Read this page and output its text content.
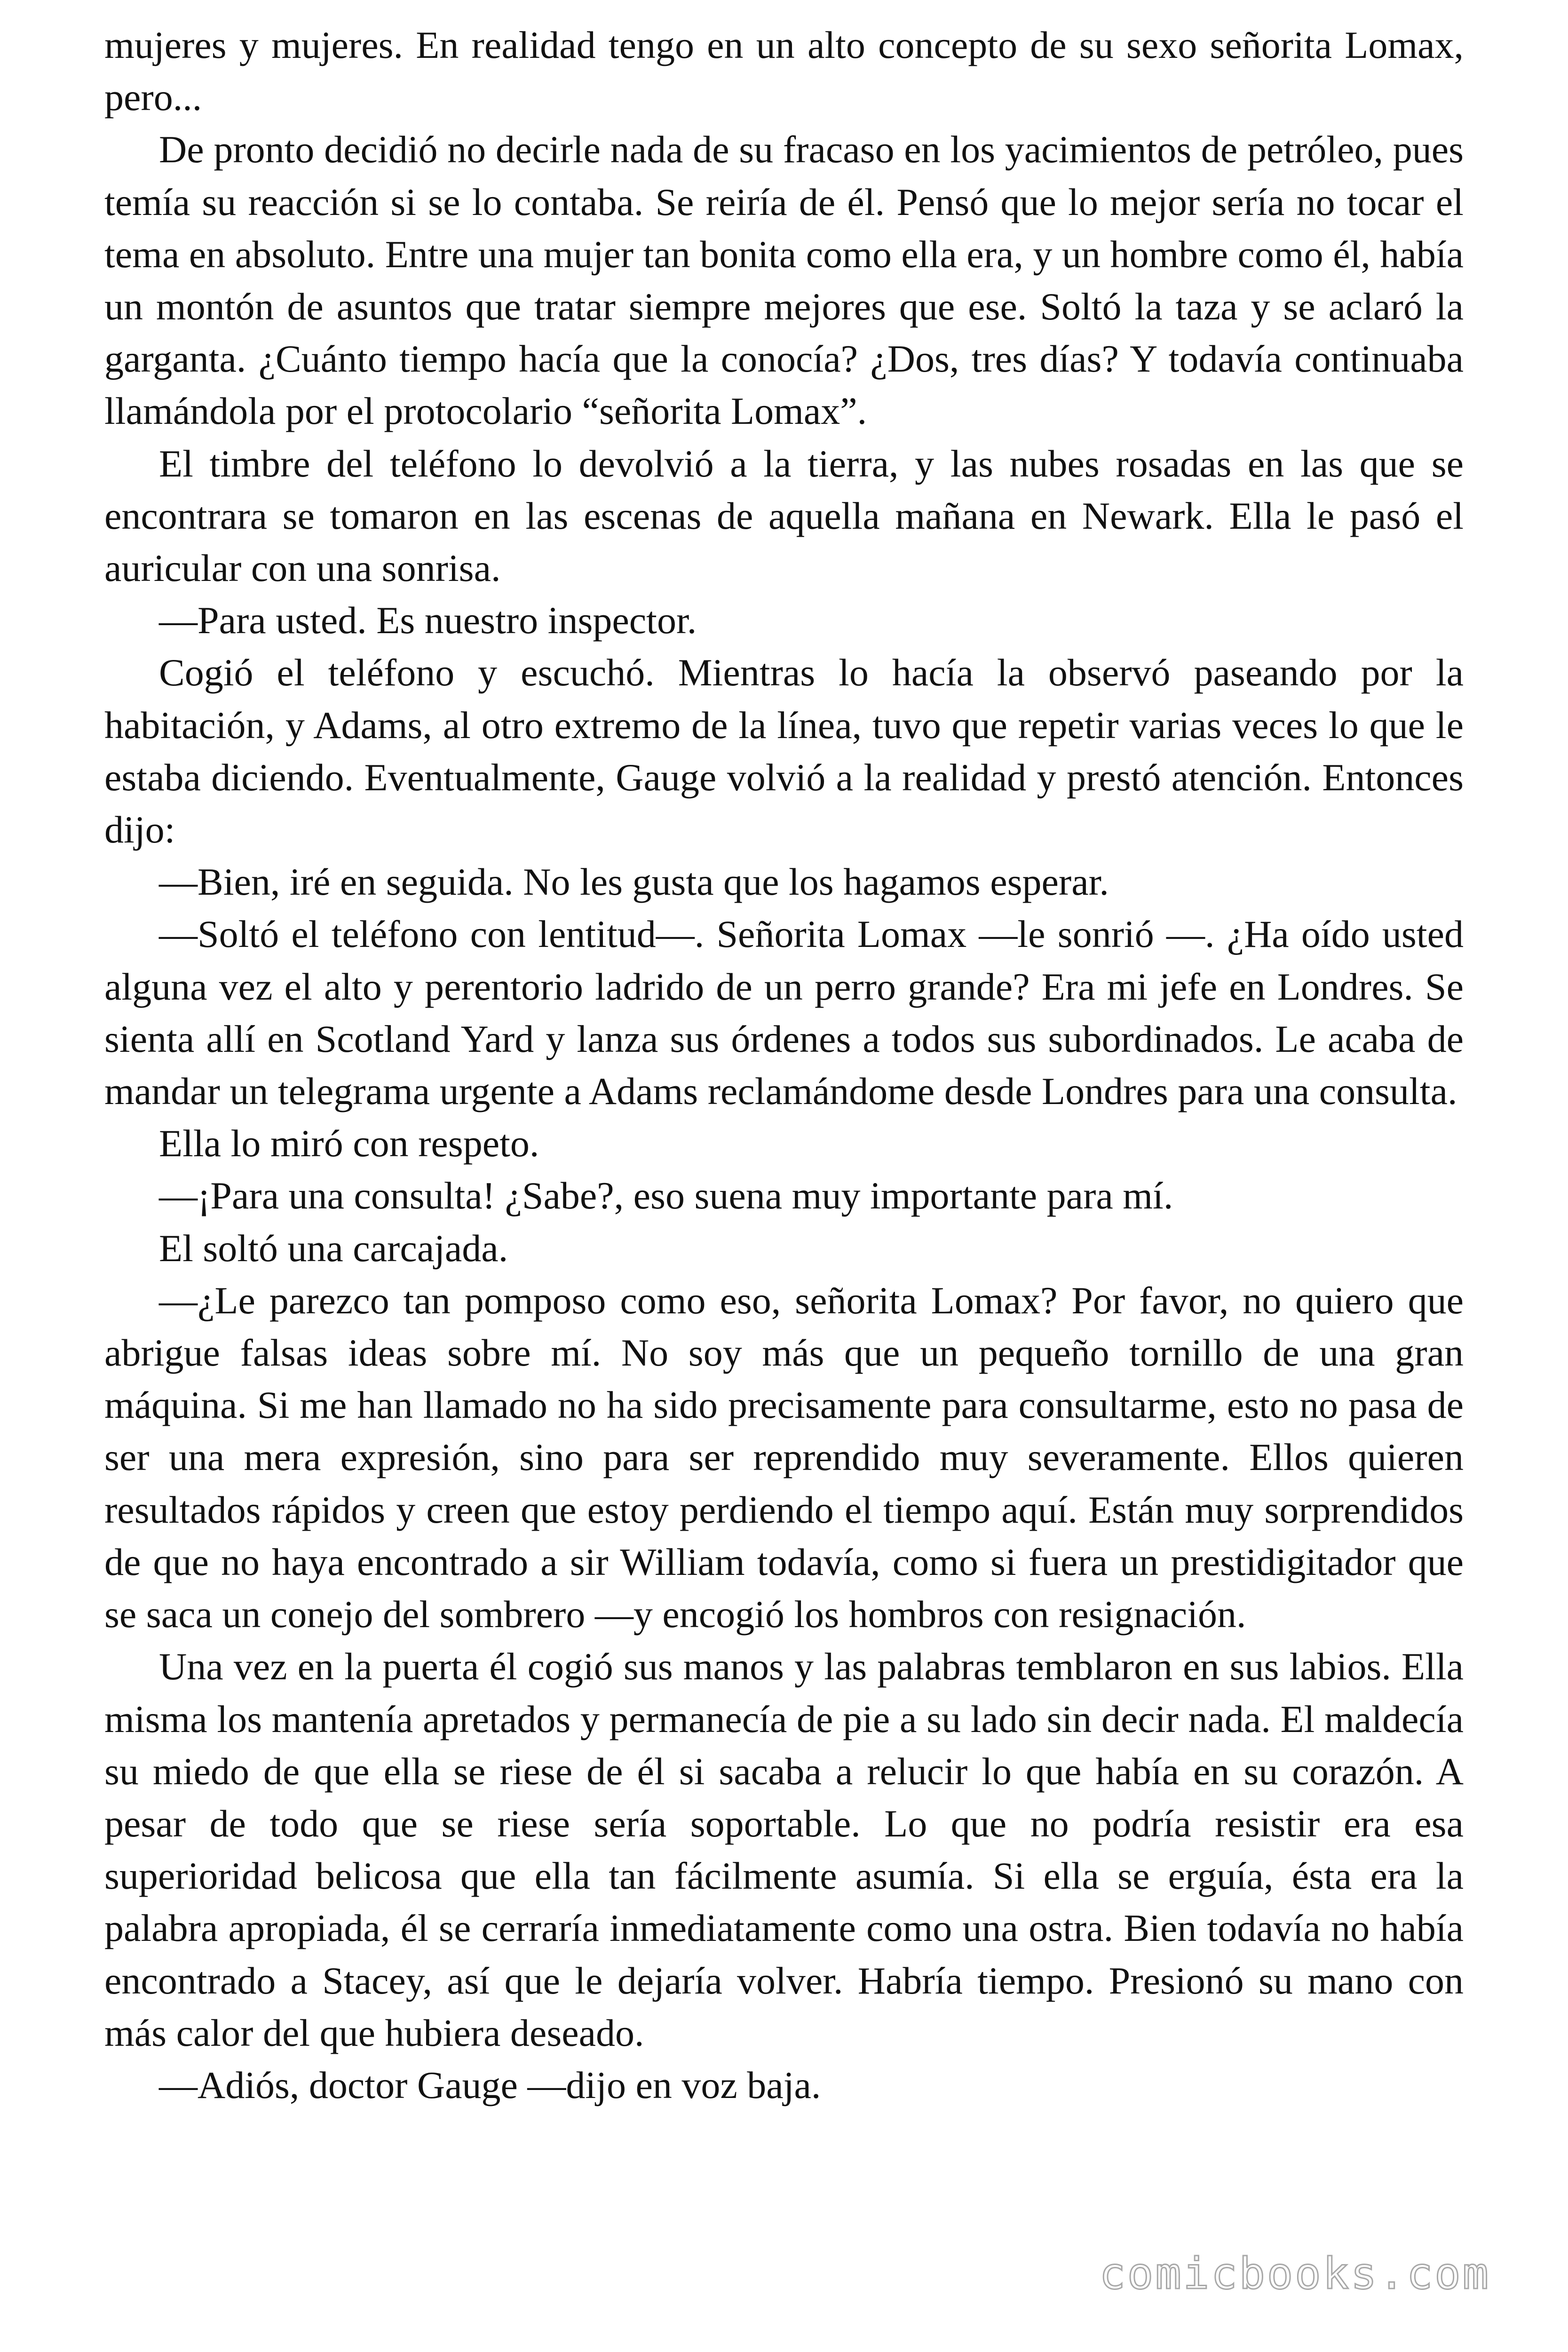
mujeres y mujeres. En realidad tengo en un alto concepto de su sexo señorita Lomax, pero...

De pronto decidió no decirle nada de su fracaso en los yacimientos de petróleo, pues temía su reacción si se lo contaba. Se reiría de él. Pensó que lo mejor sería no tocar el tema en absoluto. Entre una mujer tan bonita como ella era, y un hombre como él, había un montón de asuntos que tratar siempre mejores que ese. Soltó la taza y se aclaró la garganta. ¿Cuánto tiempo hacía que la conocía? ¿Dos, tres días? Y todavía continuaba llamándola por el protocolario “señorita Lomax”.

El timbre del teléfono lo devolvió a la tierra, y las nubes rosadas en las que se encontrara se tomaron en las escenas de aquella mañana en Newark. Ella le pasó el auricular con una sonrisa.

—Para usted. Es nuestro inspector.

Cogió el teléfono y escuchó. Mientras lo hacía la observó paseando por la habitación, y Adams, al otro extremo de la línea, tuvo que repetir varias veces lo que le estaba diciendo. Eventualmente, Gauge volvió a la realidad y prestó atención. Entonces dijo:

—Bien, iré en seguida. No les gusta que los hagamos esperar.

—Soltó el teléfono con lentitud—. Señorita Lomax —le sonrió —. ¿Ha oído usted alguna vez el alto y perentorio ladrido de un perro grande? Era mi jefe en Londres. Se sienta allí en Scotland Yard y lanza sus órdenes a todos sus subordinados. Le acaba de mandar un telegrama urgente a Adams reclamándome desde Londres para una consulta.

Ella lo miró con respeto.

—¡Para una consulta! ¿Sabe?, eso suena muy importante para mí.

El soltó una carcajada.

—¿Le parezco tan pomposo como eso, señorita Lomax? Por favor, no quiero que abrigue falsas ideas sobre mí. No soy más que un pequeño tornillo de una gran máquina. Si me han llamado no ha sido precisamente para consultarme, esto no pasa de ser una mera expresión, sino para ser reprendido muy severamente. Ellos quieren resultados rápidos y creen que estoy perdiendo el tiempo aquí. Están muy sorprendidos de que no haya encontrado a sir William todavía, como si fuera un prestidigitador que se saca un conejo del sombrero —y encogió los hombros con resignación.

Una vez en la puerta él cogió sus manos y las palabras temblaron en sus labios. Ella misma los mantenía apretados y permanecía de pie a su lado sin decir nada. El maldecía su miedo de que ella se riese de él si sacaba a relucir lo que había en su corazón. A pesar de todo que se riese sería soportable. Lo que no podría resistir era esa superioridad belicosa que ella tan fácilmente asumía. Si ella se erguía, ésta era la palabra apropiada, él se cerraría inmediatamente como una ostra. Bien todavía no había encontrado a Stacey, así que le dejaría volver. Habría tiempo. Presionó su mano con más calor del que hubiera deseado.

—Adiós, doctor Gauge —dijo en voz baja.

comicbooks.com
